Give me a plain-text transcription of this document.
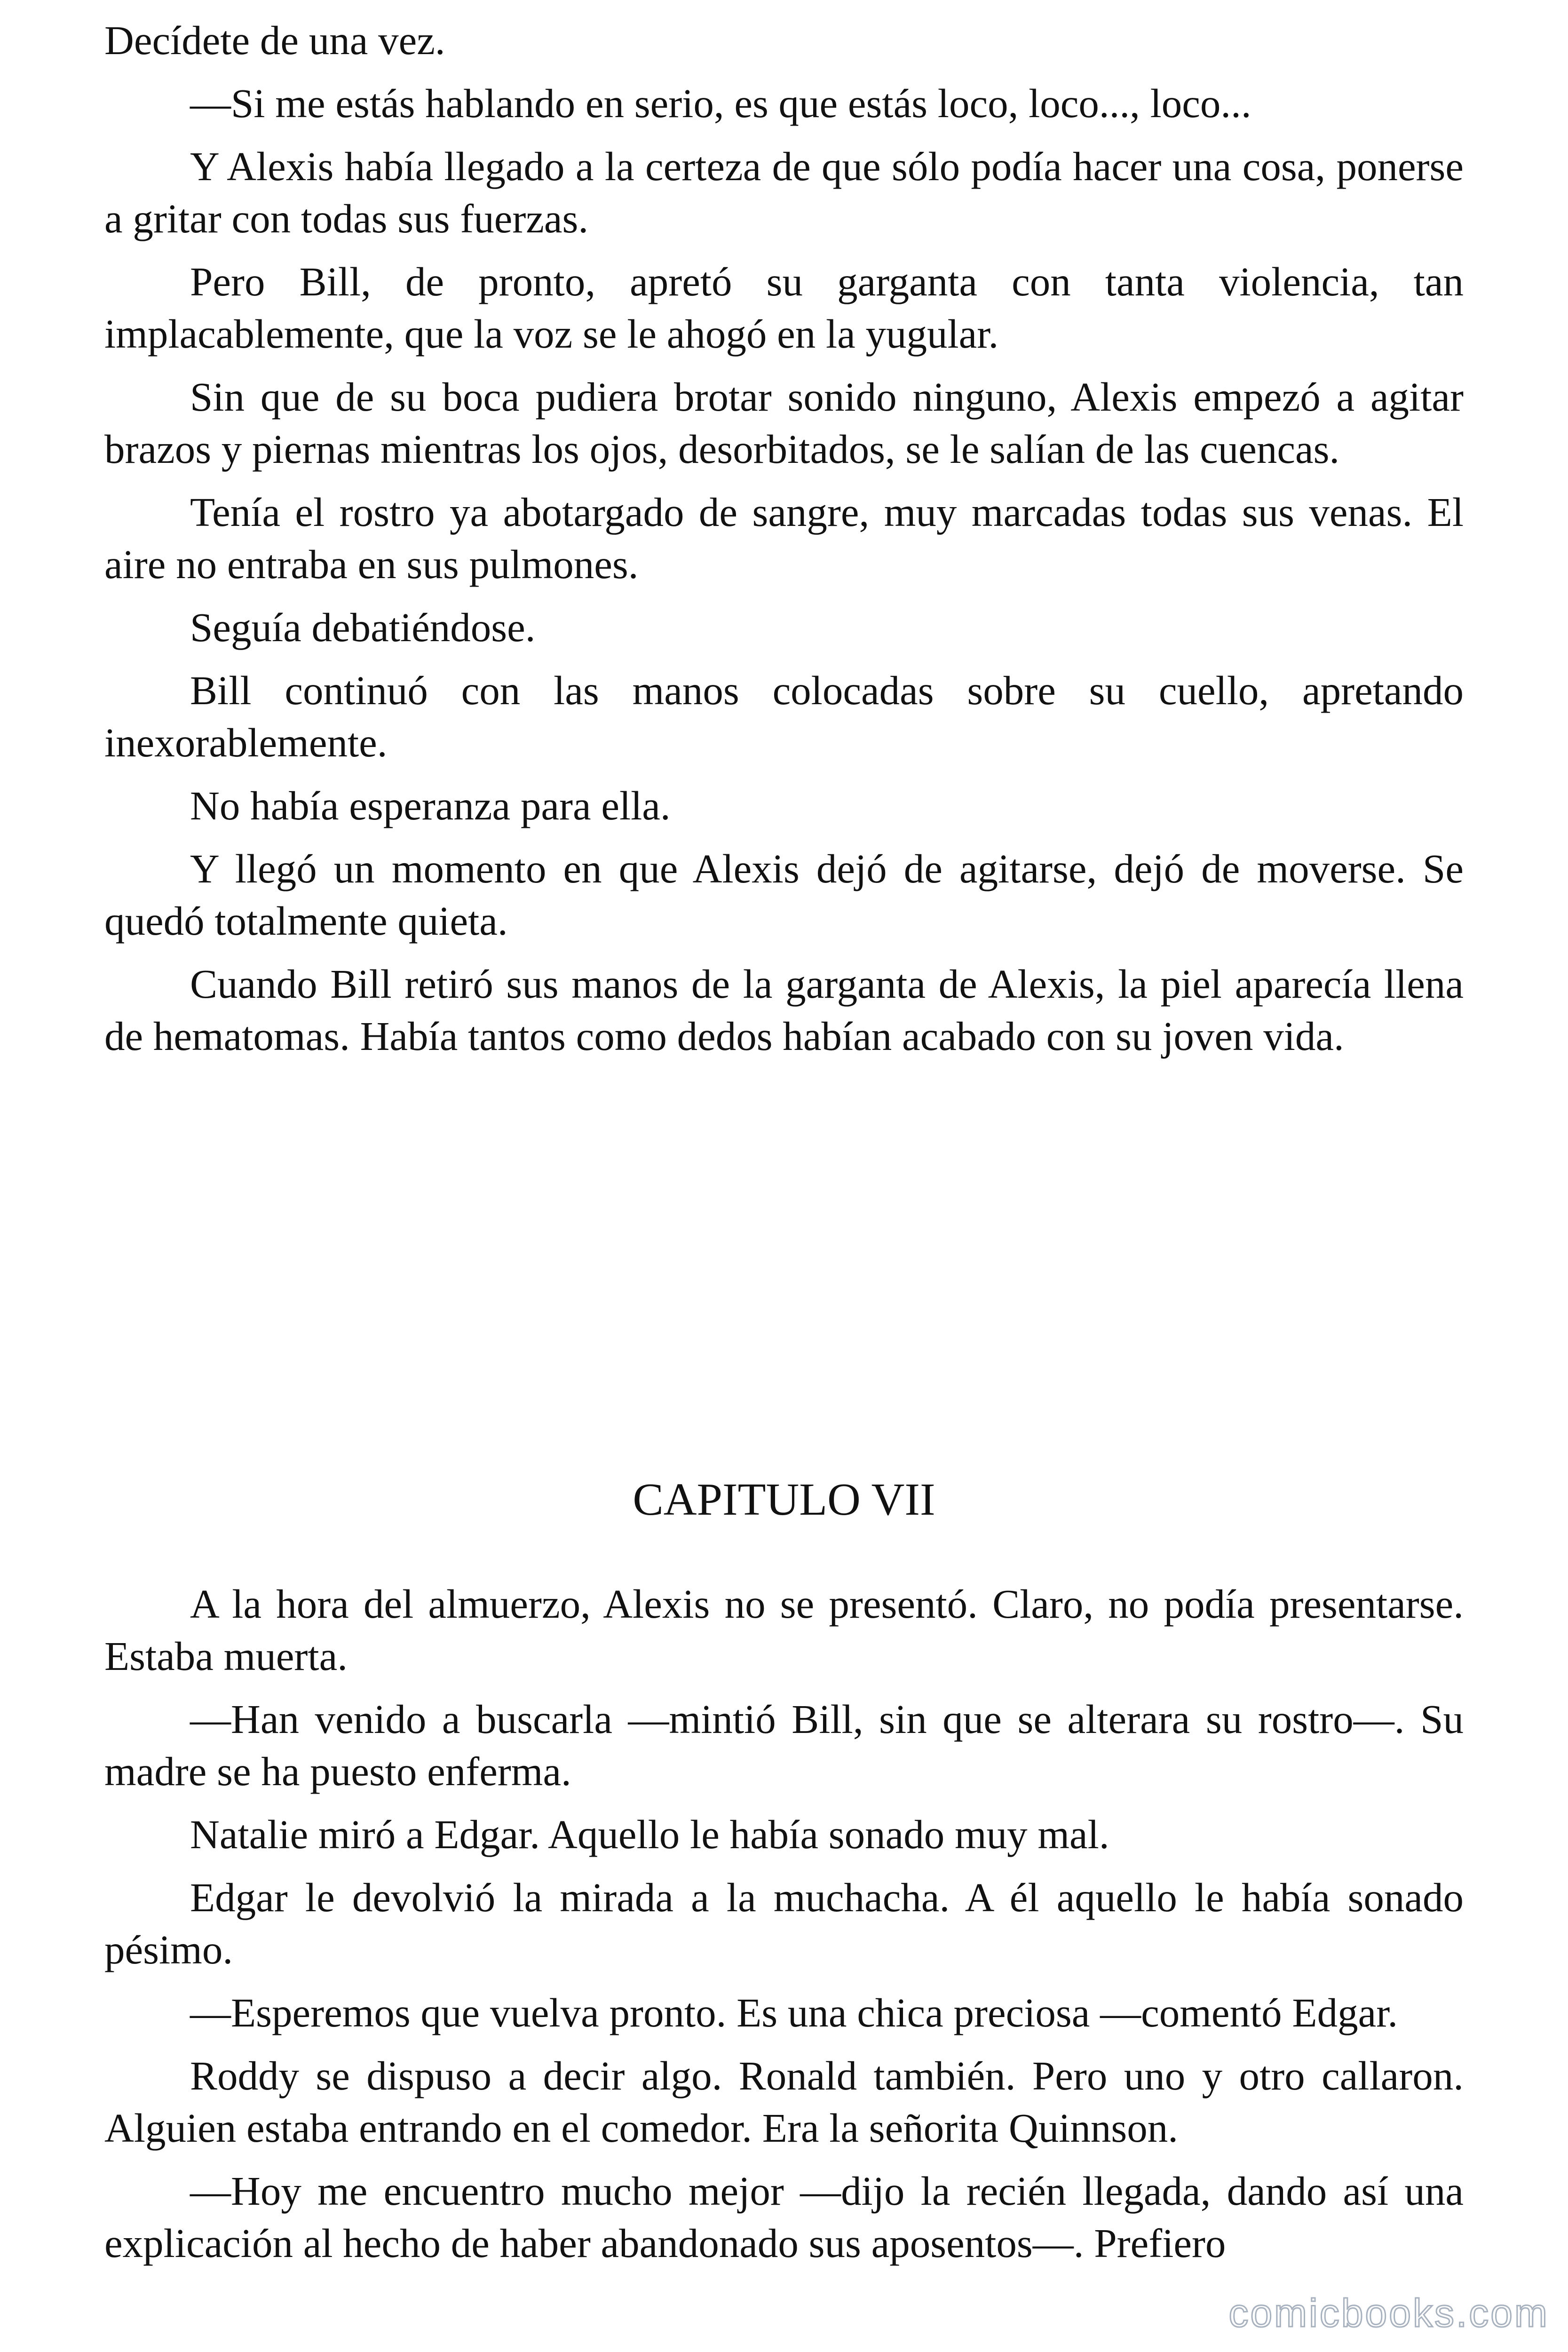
Decídete de una vez.

—Si me estás hablando en serio, es que estás loco, loco..., loco...

Y Alexis había llegado a la certeza de que sólo podía hacer una cosa, ponerse a gritar con todas sus fuerzas.

Pero Bill, de pronto, apretó su garganta con tanta violencia, tan implacablemente, que la voz se le ahogó en la yugular.

Sin que de su boca pudiera brotar sonido ninguno, Alexis empezó a agitar brazos y piernas mientras los ojos, desorbitados, se le salían de las cuencas.

Tenía el rostro ya abotargado de sangre, muy marcadas todas sus venas. El aire no entraba en sus pulmones.

Seguía debatiéndose.

Bill continuó con las manos colocadas sobre su cuello, apretando inexorablemente.

No había esperanza para ella.

Y llegó un momento en que Alexis dejó de agitarse, dejó de moverse. Se quedó totalmente quieta.

Cuando Bill retiró sus manos de la garganta de Alexis, la piel aparecía llena de hematomas. Había tantos como dedos habían acabado con su joven vida.

CAPITULO VII

A la hora del almuerzo, Alexis no se presentó. Claro, no podía presentarse. Estaba muerta.

—Han venido a buscarla —mintió Bill, sin que se alterara su rostro—. Su madre se ha puesto enferma.

Natalie miró a Edgar. Aquello le había sonado muy mal.

Edgar le devolvió la mirada a la muchacha. A él aquello le había sonado pésimo.

—Esperemos que vuelva pronto. Es una chica preciosa —comentó Edgar.

Roddy se dispuso a decir algo. Ronald también. Pero uno y otro callaron. Alguien estaba entrando en el comedor. Era la señorita Quinnson.

—Hoy me encuentro mucho mejor —dijo la recién llegada, dando así una explicación al hecho de haber abandonado sus aposentos—. Prefiero

comicbooks.com
